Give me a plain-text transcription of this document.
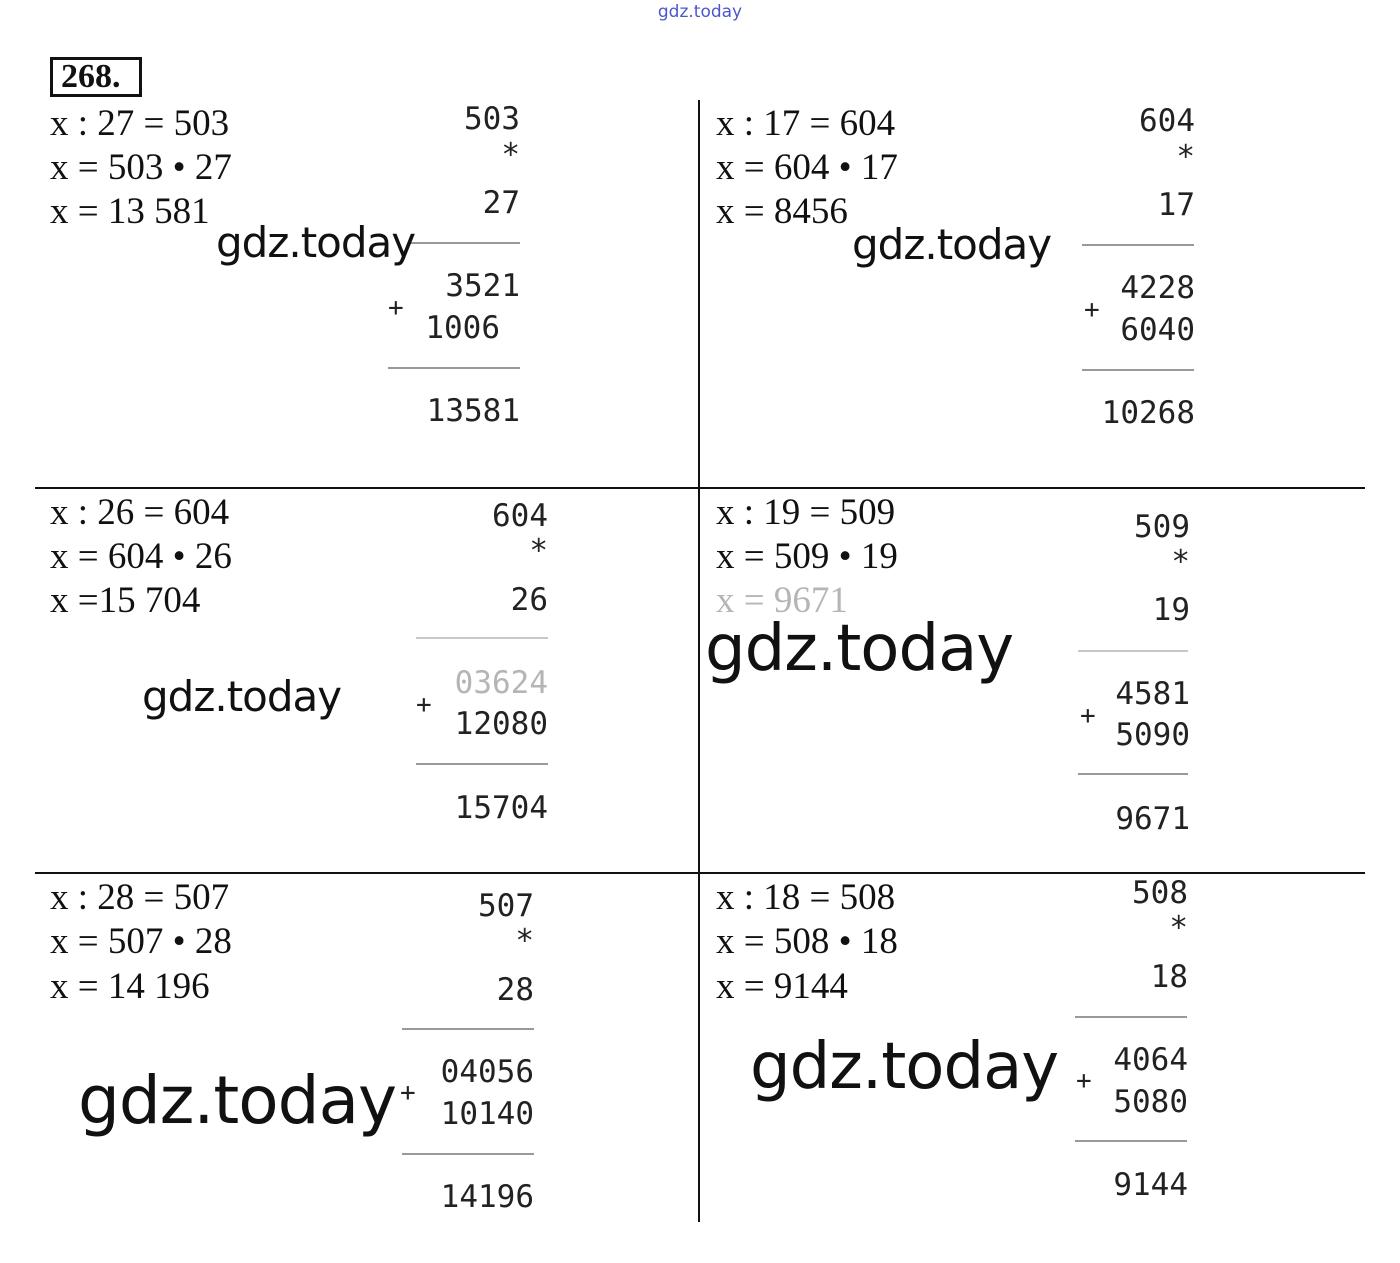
gdz.today
268.
x : 27 = 503
x = 503 • 27
x = 13 581
503
*
27
3521
+
1006
13581
gdz.today
x : 17 = 604
x = 604 • 17
x = 8456
604
*
17
4228
+
6040
10268
gdz.today
x : 26 = 604
x = 604 • 26
x =15 704
604
*
26
03624
+
12080
15704
gdz.today
x : 19 = 509
x = 509 • 19
x = 9671
509
*
19
4581
+
5090
9671
gdz.today
x : 28 = 507
x = 507 • 28
x = 14 196
507
*
28
04056
+
10140
14196
gdz.today
x : 18 = 508
x = 508 • 18
x = 9144
508
*
18
4064
+
5080
9144
gdz.today
